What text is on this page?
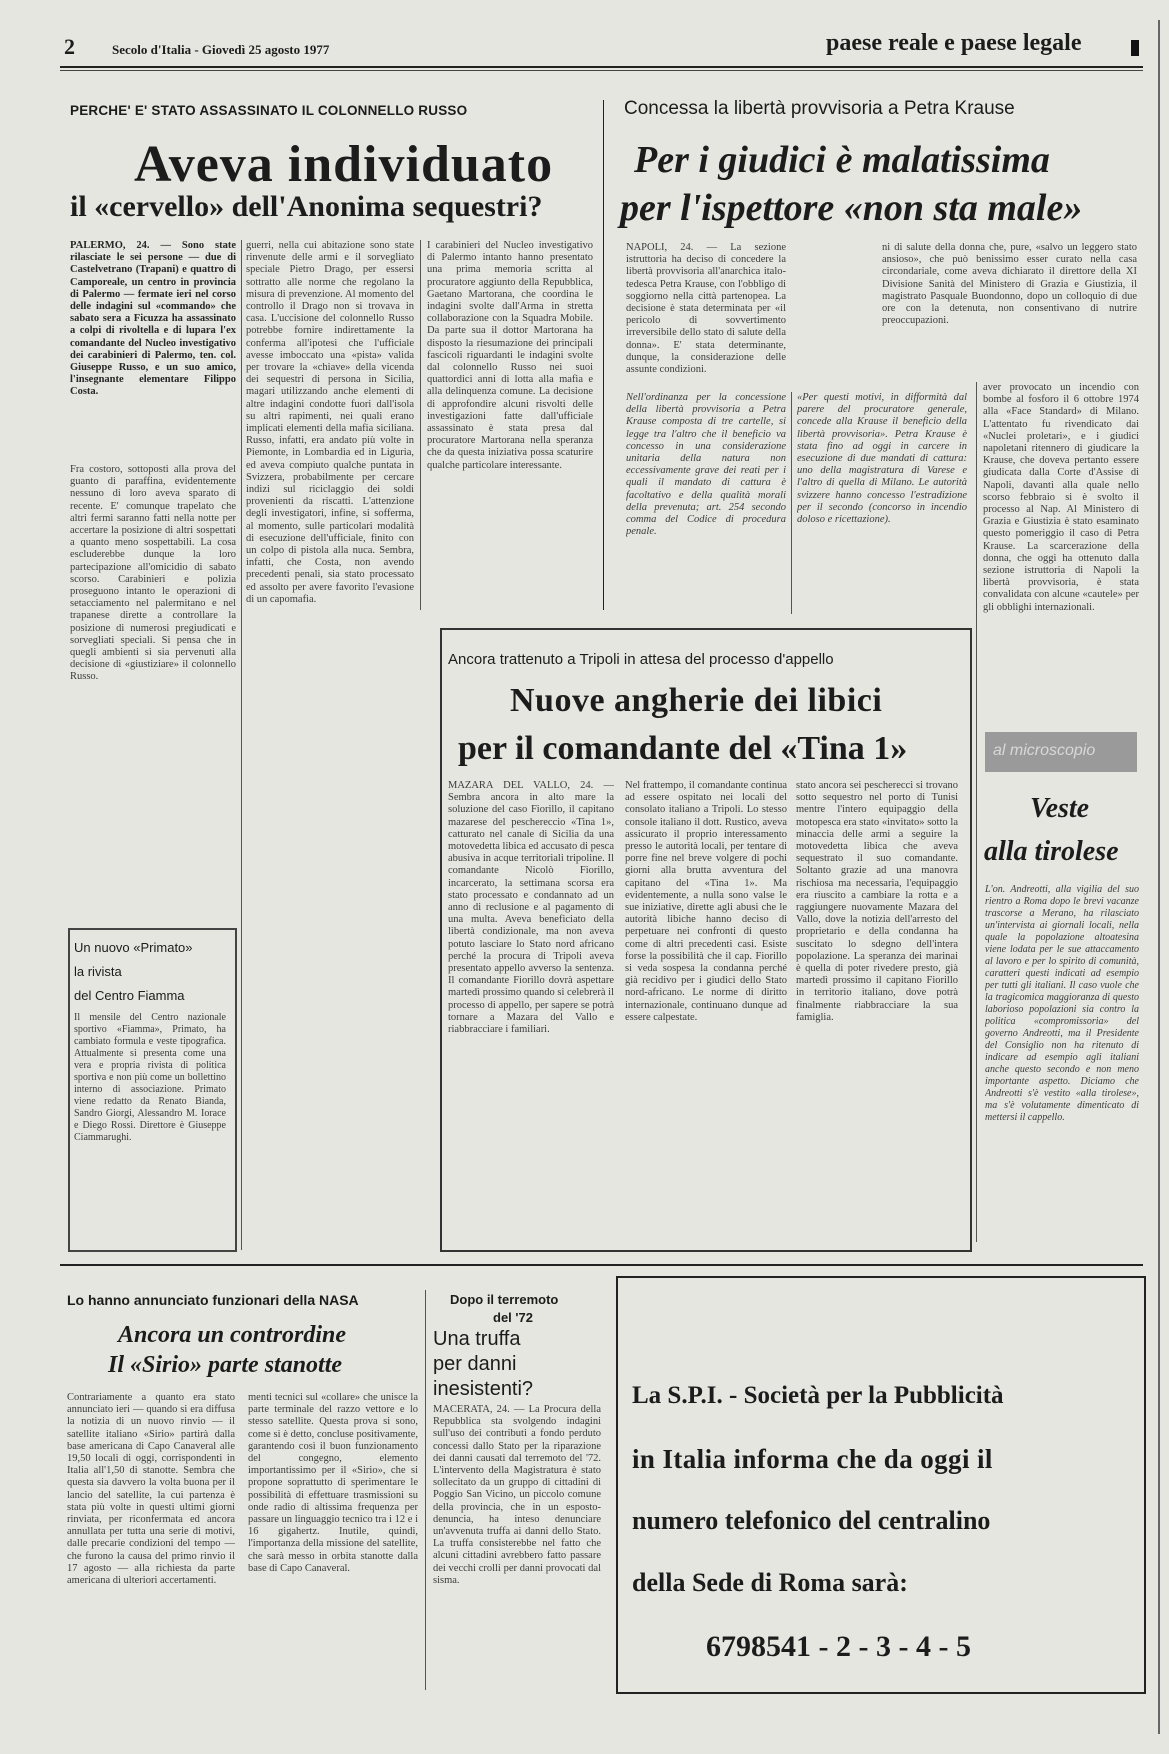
2	Secolo d'Italia - Giovedì 25 agosto 1977	paese reale e paese legale
PERCHE' E' STATO ASSASSINATO IL COLONNELLO RUSSO
Aveva individuato
il «cervello» dell'Anonima sequestri?
PALERMO, 24. — Sono state rilasciate le sei persone — due di Castelvetrano (Trapani) e quattro di Camporeale, un centro in provincia di Palermo — fermate ieri nel corso delle indagini sul «commando» che sabato sera a Ficuzza ha assassinato a colpi di rivoltella e di lupara l'ex comandante del Nucleo investigativo dei carabinieri di Palermo, ten. col. Giuseppe Russo, e un suo amico, l'insegnante elementare Filippo Costa.
Fra costoro, sottoposti alla prova del guanto di paraffina, evidentemente nessuno di loro aveva sparato di recente. E' comunque trapelato che altri fermi saranno fatti nella notte per accertare la posizione di altri sospettati a quanto meno sospettabili. La cosa escluderebbe dunque la loro partecipazione all'omicidio di sabato scorso. Carabinieri e polizia proseguono intanto le operazioni di setacciamento nel palermitano e nel trapanese dirette a controllare la posizione di numerosi pregiudicati e sorvegliati speciali. Si pensa che in quegli ambienti si sia pervenuti alla decisione di «giustiziare» il colonnello Russo.
guerri, nella cui abitazione sono state rinvenute delle armi e il sorvegliato speciale Pietro Drago, per essersi sottratto alle norme che regolano la misura di prevenzione. Al momento del controllo il Drago non si trovava in casa. L'uccisione del colonnello Russo potrebbe fornire indirettamente la conferma all'ipotesi che l'ufficiale avesse imboccato una «pista» valida per trovare la «chiave» della vicenda dei sequestri di persona in Sicilia, magari utilizzando anche elementi di altre indagini condotte fuori dall'isola su altri rapimenti, nei quali erano implicati elementi della mafia siciliana. Russo, infatti, era andato più volte in Piemonte, in Lombardia ed in Liguria, ed aveva compiuto qualche puntata in Svizzera, probabilmente per cercare indizi sul riciclaggio dei soldi provenienti da riscatti. L'attenzione degli investigatori, infine, si sofferma, al momento, sulle particolari modalità di esecuzione dell'ufficiale, finito con un colpo di pistola alla nuca. Sembra, infatti, che Costa, non avendo precedenti penali, sia stato processato ed assolto per avere favorito l'evasione di un capomafia.
I carabinieri del Nucleo investigativo di Palermo intanto hanno presentato una prima memoria scritta al procuratore aggiunto della Repubblica, Gaetano Martorana, che coordina le indagini svolte dall'Arma in stretta collaborazione con la Squadra Mobile. Da parte sua il dottor Martorana ha disposto la riesumazione dei principali fascicoli riguardanti le indagini svolte dal colonnello Russo nei suoi quattordici anni di lotta alla mafia e alla delinquenza comune. La decisione di approfondire alcuni risvolti delle investigazioni fatte dall'ufficiale assassinato è stata presa dal procuratore Martorana nella speranza che da questa iniziativa possa scaturire qualche particolare interessante.
Un nuovo «Primato»
la rivista
del Centro Fiamma
Il mensile del Centro nazionale sportivo «Fiamma», Primato, ha cambiato formula e veste tipografica. Attualmente si presenta come una vera e propria rivista di politica sportiva e non più come un bollettino interno di associazione. Primato viene redatto da Renato Bianda, Sandro Giorgi, Alessandro M. Iorace e Diego Rossi. Direttore è Giuseppe Ciammarughi.
Concessa la libertà provvisoria a Petra Krause
Per i giudici è malatissima
per l'ispettore «non sta male»
NAPOLI, 24. — La sezione istruttoria ha deciso di concedere la libertà provvisoria all'anarchica italo-tedesca Petra Krause, con l'obbligo di soggiorno nella città partenopea. La decisione è stata determinata per «il pericolo di sovvertimento irreversibile dello stato di salute della donna». E' stata determinante, dunque, la considerazione delle assunte condizioni.
Nell'ordinanza per la concessione della libertà provvisoria a Petra Krause composta di tre cartelle, si legge tra l'altro che il beneficio va concesso in una considerazione unitaria della natura non eccessivamente grave dei reati per i quali il mandato di cattura è facoltativo e della qualità morali della prevenuta; art. 254 secondo comma del Codice di procedura penale.
«Per questi motivi, in difformità dal parere del procuratore generale, concede alla Krause il beneficio della libertà provvisoria». Petra Krause è stata fino ad oggi in carcere in esecuzione di due mandati di cattura: uno della magistratura di Varese e l'altro di quella di Milano. Le autorità svizzere hanno concesso l'estradizione per il secondo (concorso in incendio doloso e ricettazione).
ni di salute della donna che, pure, «salvo un leggero stato ansioso», che può benissimo esser curato nella casa circondariale, come aveva dichiarato il direttore della XI Divisione Sanità del Ministero di Grazia e Giustizia, il magistrato Pasquale Buondonno, dopo un colloquio di due ore con la detenuta, non consentivano di nutrire preoccupazioni.
aver provocato un incendio con bombe al fosforo il 6 ottobre 1974 alla «Face Standard» di Milano. L'attentato fu rivendicato dai «Nuclei proletari», e i giudici napoletani ritennero di giudicare la Krause, che doveva pertanto essere giudicata dalla Corte d'Assise di Napoli, davanti alla quale nello scorso febbraio si è svolto il processo al Nap. Al Ministero di Grazia e Giustizia è stato esaminato questo pomeriggio il caso di Petra Krause. La scarcerazione della donna, che oggi ha ottenuto dalla sezione istruttoria di Napoli la libertà provvisoria, è stata convalidata con alcune «cautele» per gli obblighi internazionali.
al microscopio
Veste
alla tirolese
L'on. Andreotti, alla vigilia del suo rientro a Roma dopo le brevi vacanze trascorse a Merano, ha rilasciato un'intervista ai giornali locali, nella quale la popolazione altoatesina viene lodata per le sue attaccamento al lavoro e per lo spirito di comunità, caratteri questi indicati ad esempio per tutti gli italiani. Il caso vuole che la tragicomica maggioranza di questo laborioso popolazioni sia contro la politica «compromissoria» del governo Andreotti, ma il Presidente del Consiglio non ha ritenuto di indicare ad esempio agli italiani anche questo secondo e non meno importante aspetto. Diciamo che Andreotti s'è vestito «alla tirolese», ma s'è volutamente dimenticato di mettersi il cappello.
Ancora trattenuto a Tripoli in attesa del processo d'appello
Nuove angherie dei libici
per il comandante del «Tina 1»
MAZARA DEL VALLO, 24. — Sembra ancora in alto mare la soluzione del caso Fiorillo, il capitano mazarese del peschereccio «Tina 1», catturato nel canale di Sicilia da una motovedetta libica ed accusato di pesca abusiva in acque territoriali tripoline. Il comandante Nicolò Fiorillo, incarcerato, la settimana scorsa era stato processato e condannato ad un anno di reclusione e al pagamento di una multa. Aveva beneficiato della libertà condizionale, ma non aveva potuto lasciare lo Stato nord africano perché la procura di Tripoli aveva presentato appello avverso la sentenza. Il comandante Fiorillo dovrà aspettare martedì prossimo quando si celebrerà il processo di appello, per sapere se potrà tornare a Mazara del Vallo e riabbracciare i familiari.
Nel frattempo, il comandante continua ad essere ospitato nei locali del consolato italiano a Tripoli. Lo stesso console italiano il dott. Rustico, aveva assicurato il proprio interessamento presso le autorità locali, per tentare di porre fine nel breve volgere di pochi giorni alla brutta avventura del capitano del «Tina 1». Ma evidentemente, a nulla sono valse le sue iniziative, dirette agli abusi che le autorità libiche hanno deciso di perpetuare nei confronti di questo come di altri precedenti casi. Esiste forse la possibilità che il cap. Fiorillo si veda sospesa la condanna perché già recidivo per i giudici dello Stato nord-africano. Le norme di diritto internazionale, continuano dunque ad essere calpestate.
stato ancora sei pescherecci si trovano sotto sequestro nel porto di Tunisi mentre l'intero equipaggio della motopesca era stato «invitato» sotto la minaccia delle armi a seguire la motovedetta libica che aveva sequestrato il suo comandante. Soltanto grazie ad una manovra rischiosa ma necessaria, l'equipaggio era riuscito a cambiare la rotta e a raggiungere nuovamente Mazara del Vallo, dove la notizia dell'arresto del proprietario e della condanna ha suscitato lo sdegno dell'intera popolazione. La speranza dei marinai è quella di poter rivedere presto, già martedì prossimo il capitano Fiorillo in territorio italiano, dove potrà finalmente riabbracciare la sua famiglia.
Lo hanno annunciato funzionari della NASA
Ancora un contrordine
Il «Sirio» parte stanotte
Contrariamente a quanto era stato annunciato ieri — quando si era diffusa la notizia di un nuovo rinvio — il satellite italiano «Sirio» partirà dalla base americana di Capo Canaveral alle 19,50 locali di oggi, corrispondenti in Italia all'1,50 di stanotte. Sembra che questa sia davvero la volta buona per il lancio del satellite, la cui partenza è stata più volte in questi ultimi giorni rinviata, per riconfermata ed ancora annullata per tutta una serie di motivi, dalle precarie condizioni del tempo — che furono la causa del primo rinvio il 17 agosto — alla richiesta da parte americana di ulteriori accertamenti.
menti tecnici sul «collare» che unisce la parte terminale del razzo vettore e lo stesso satellite. Questa prova si sono, come si è detto, concluse positivamente, garantendo così il buon funzionamento del congegno, elemento importantissimo per il «Sirio», che si propone soprattutto di sperimentare le possibilità di effettuare trasmissioni su onde radio di altissima frequenza per passare un linguaggio tecnico tra i 12 e i 16 gigahertz. Inutile, quindi, l'importanza della missione del satellite, che sarà messo in orbita stanotte dalla base di Capo Canaveral.
Dopo il terremoto
del '72
Una truffa
per danni
inesistenti?
MACERATA, 24. — La Procura della Repubblica sta svolgendo indagini sull'uso dei contributi a fondo perduto concessi dallo Stato per la riparazione dei danni causati dal terremoto del '72. L'intervento della Magistratura è stato sollecitato da un gruppo di cittadini di Poggio San Vicino, un piccolo comune della provincia, che in un esposto-denuncia, ha inteso denunciare un'avvenuta truffa ai danni dello Stato. La truffa consisterebbe nel fatto che alcuni cittadini avrebbero fatto passare dei vecchi crolli per danni provocati dal sisma.
La S.P.I. - Società per la Pubblicità
in Italia informa che da oggi il
numero telefonico del centralino
della Sede di Roma sarà:
6798541 - 2 - 3 - 4 - 5
